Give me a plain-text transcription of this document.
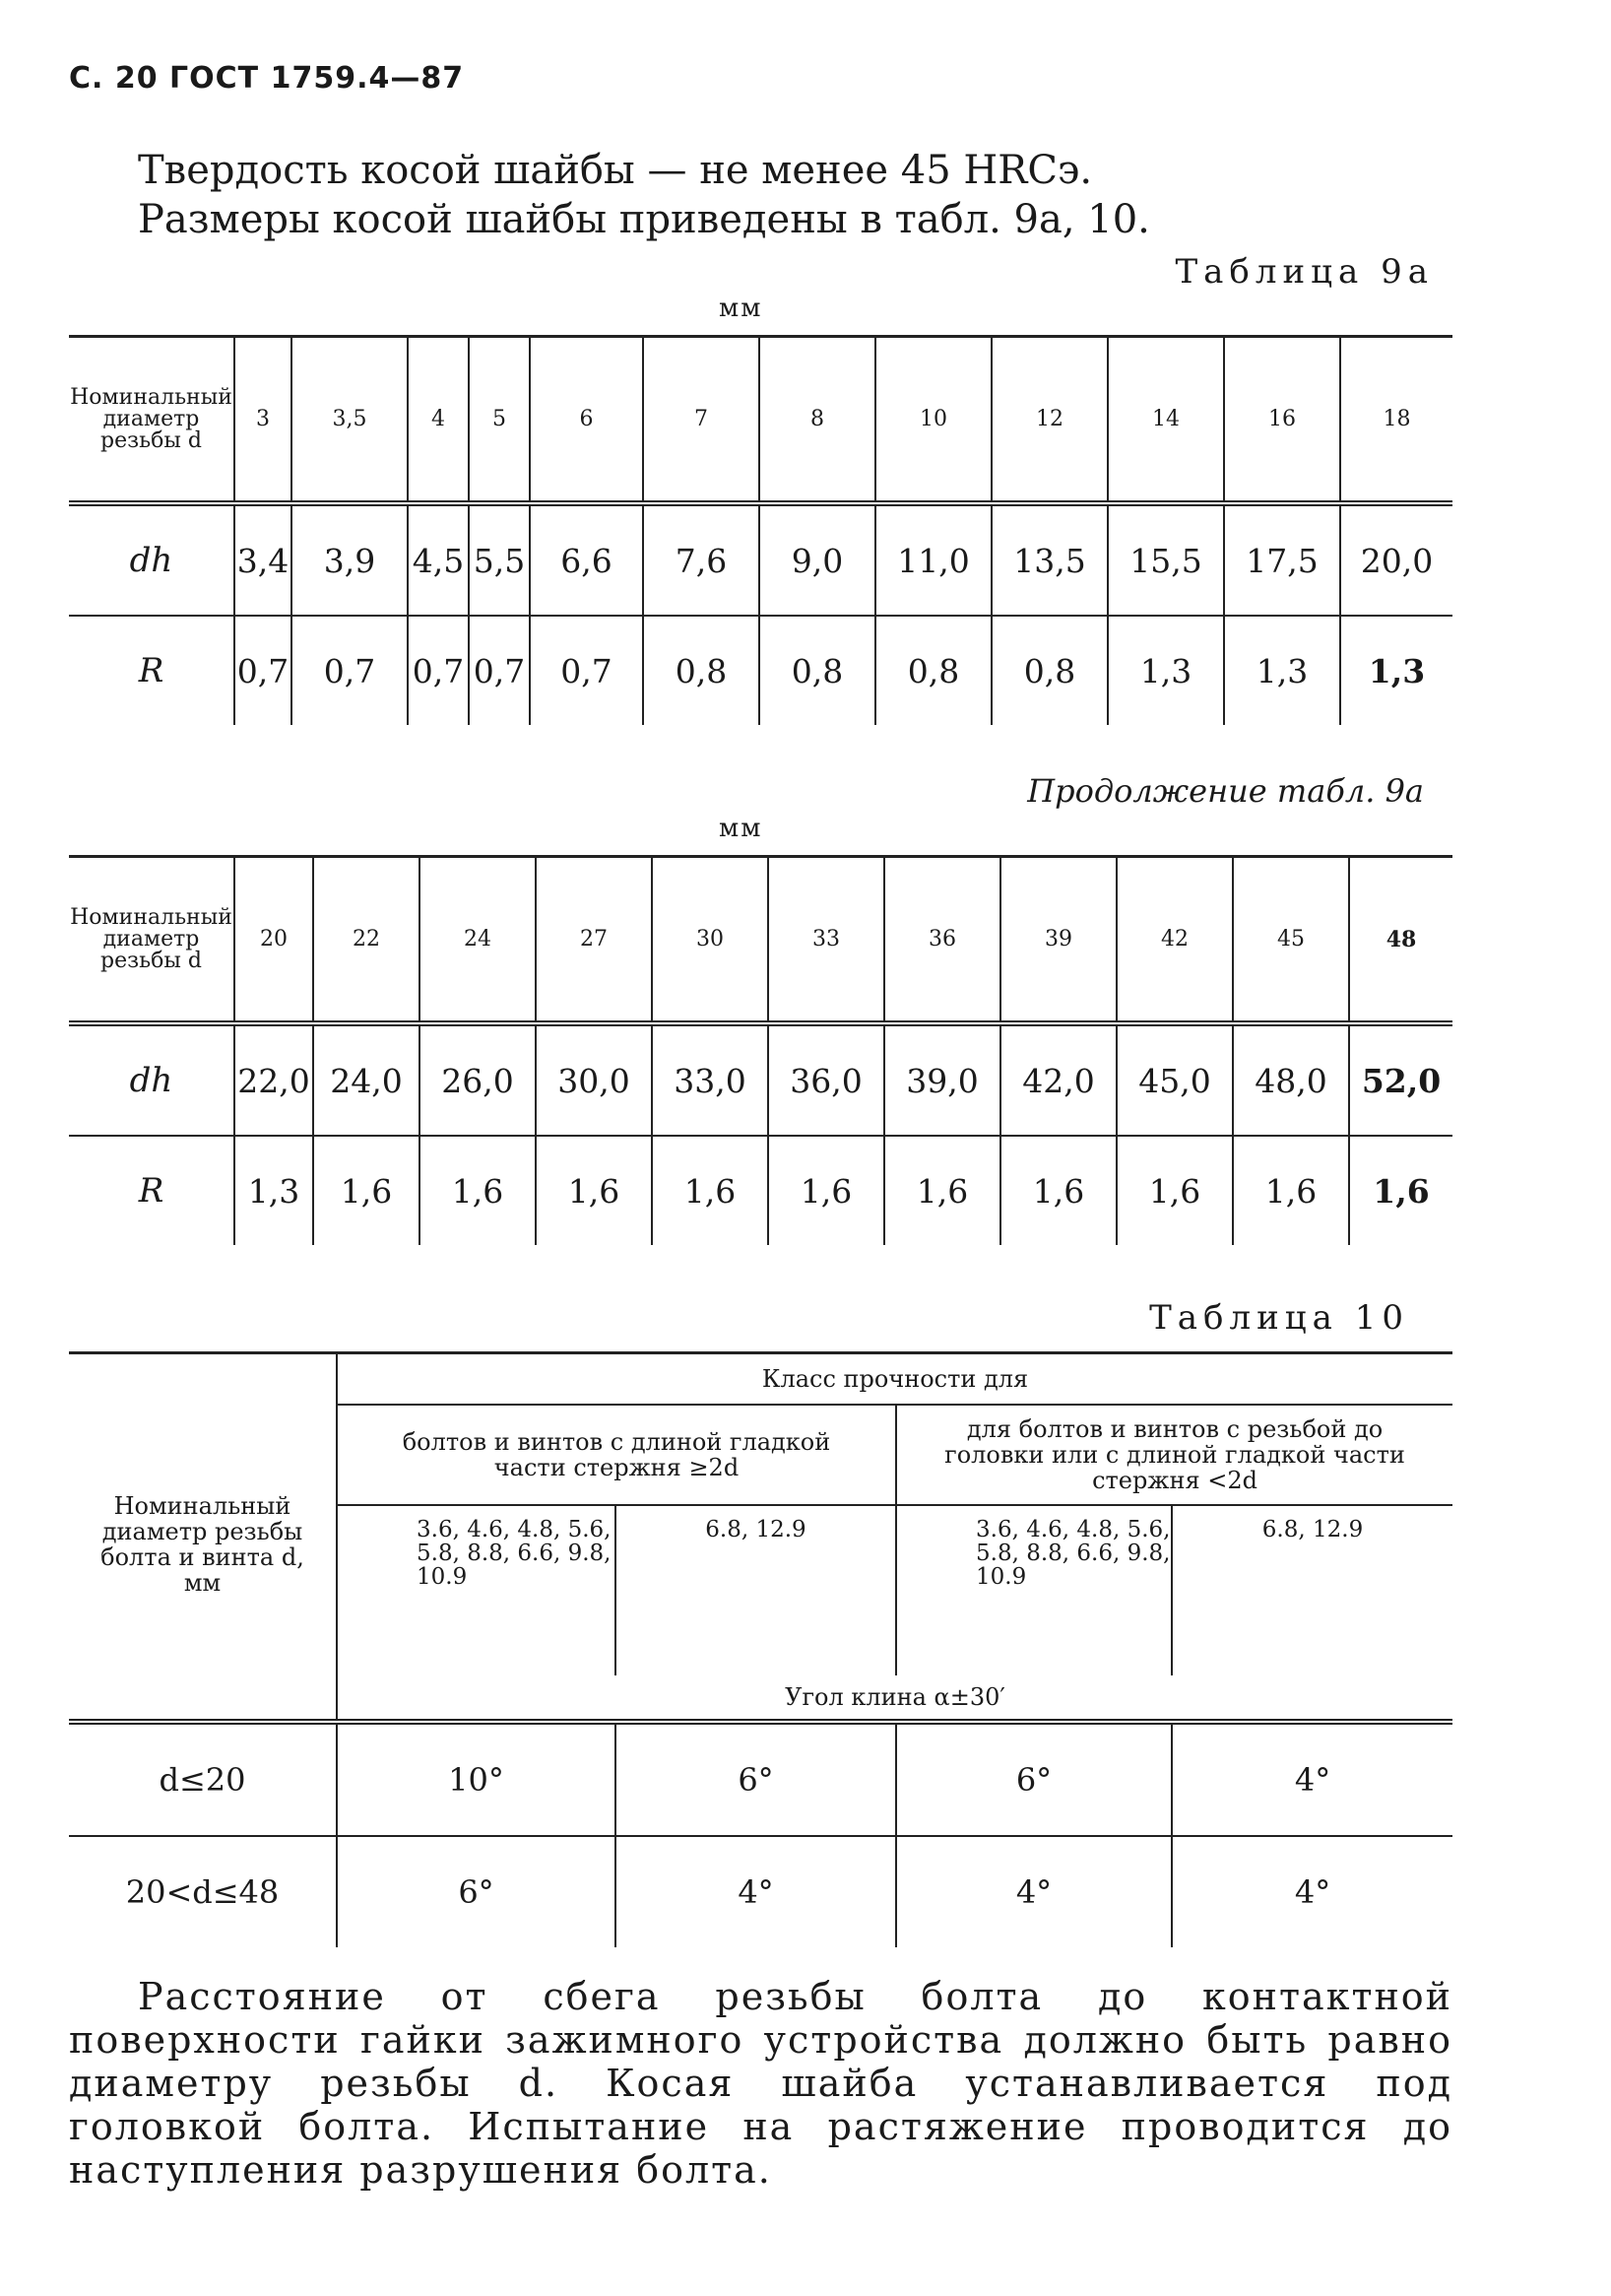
С. 20 ГОСТ 1759.4—87
Твердость косой шайбы — не менее 45 HRCэ.
Размеры косой шайбы приведены в табл. 9а, 10.
Таблица 9а
мм
Номинальный диаметр резьбы d	3	3,5	4	5	6	7	8	10	12	14	16	18
dh	3,4	3,9	4,5	5,5	6,6	7,6	9,0	11,0	13,5	15,5	17,5	20,0
R	0,7	0,7	0,7	0,7	0,7	0,8	0,8	0,8	0,8	1,3	1,3	1,3
Продолжение табл. 9а
мм
Номинальный диаметр резьбы d	20	22	24	27	30	33	36	39	42	45	48
dh	22,0	24,0	26,0	30,0	33,0	36,0	39,0	42,0	45,0	48,0	52,0
R	1,3	1,6	1,6	1,6	1,6	1,6	1,6	1,6	1,6	1,6	1,6
Таблица 10
Номинальный диаметр резьбы болта и винта d, мм	Класс прочности для			
	болтов и винтов с длиной гладкой части стержня ≥2d		для болтов и винтов с резьбой до головки или с длиной гладкой части стержня <2d	
	3.6, 4.6, 4.8, 5.6, 5.8, 8.8, 6.6, 9.8, 10.9	6.8, 12.9	3.6, 4.6, 4.8, 5.6, 5.8, 8.8, 6.6, 9.8, 10.9	6.8, 12.9
	Угол клина α±30′			
d≤20	10°	6°	6°	4°
20<d≤48	6°	4°	4°	4°

Расстояние от сбега резьбы болта до контактной поверхности гайки зажимного устройства должно быть равно диаметру резьбы d. Косая шайба устанавливается под головкой болта. Испытание на растяжение проводится до наступления разрушения болта.
